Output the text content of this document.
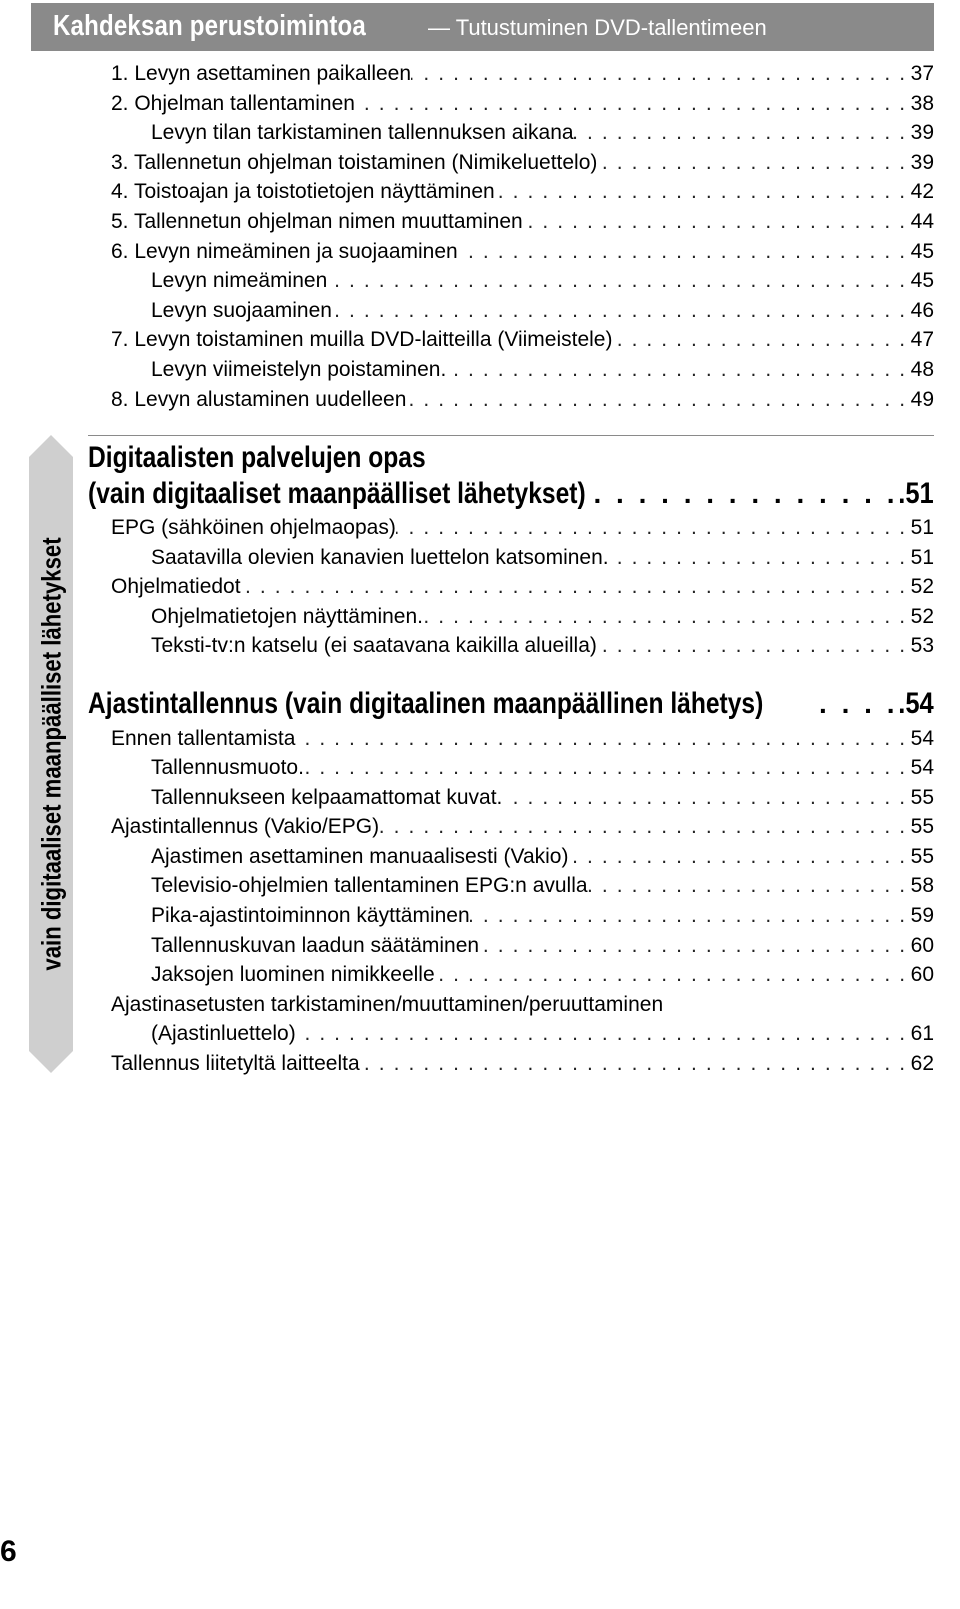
Kahdeksan perustoimintoa	— Tutustuminen DVD-tallentimeen
1. Levyn asettaminen paikalleen . . .	37
2. Ohjelman tallentaminen . . .	38
Levyn tilan tarkistaminen tallennuksen aikana . . .	39
3. Tallennetun ohjelman toistaminen (Nimikeluettelo) . . .	39
4. Toistoajan ja toistotietojen näyttäminen . . .	42
5. Tallennetun ohjelman nimen muuttaminen . . .	44
6. Levyn nimeäminen ja suojaaminen . . .	45
Levyn nimeäminen . . .	45
Levyn suojaaminen . . .	46
7. Levyn toistaminen muilla DVD-laitteilla (Viimeistele) . . .	47
Levyn viimeistelyn poistaminen. . . .	48
8. Levyn alustaminen uudelleen . . .	49
vain digitaaliset maanpäälliset lähetykset
Digitaalisten palvelujen opas
(vain digitaaliset maanpäälliset lähetykset) . . . . . . . . . . . . . . .51
EPG (sähköinen ohjelmaopas) . . .	51
Saatavilla olevien kanavien luettelon katsominen. . . .	51
Ohjelmatiedot . . .	52
Ohjelmatietojen näyttäminen. . . .	52
Teksti-tv:n katselu (ei saatavana kaikilla alueilla) . . .	53
Ajastintallennus (vain digitaalinen maanpäällinen lähetys) . . . . .54
Ennen tallentamista . . .	54
Tallennusmuoto. . . .	54
Tallennukseen kelpaamattomat kuvat. . . .	55
Ajastintallennus (Vakio/EPG) . . .	55
Ajastimen asettaminen manuaalisesti (Vakio) . . .	55
Televisio-ohjelmien tallentaminen EPG:n avulla . . .	58
Pika-ajastintoiminnon käyttäminen . . .	59
Tallennuskuvan laadun säätäminen . . .	60
Jaksojen luominen nimikkeelle . . .	60
Ajastinasetusten tarkistaminen/muuttaminen/peruuttaminen
(Ajastinluettelo) . . .	61
Tallennus liitetyltä laitteelta . . .	62
6
